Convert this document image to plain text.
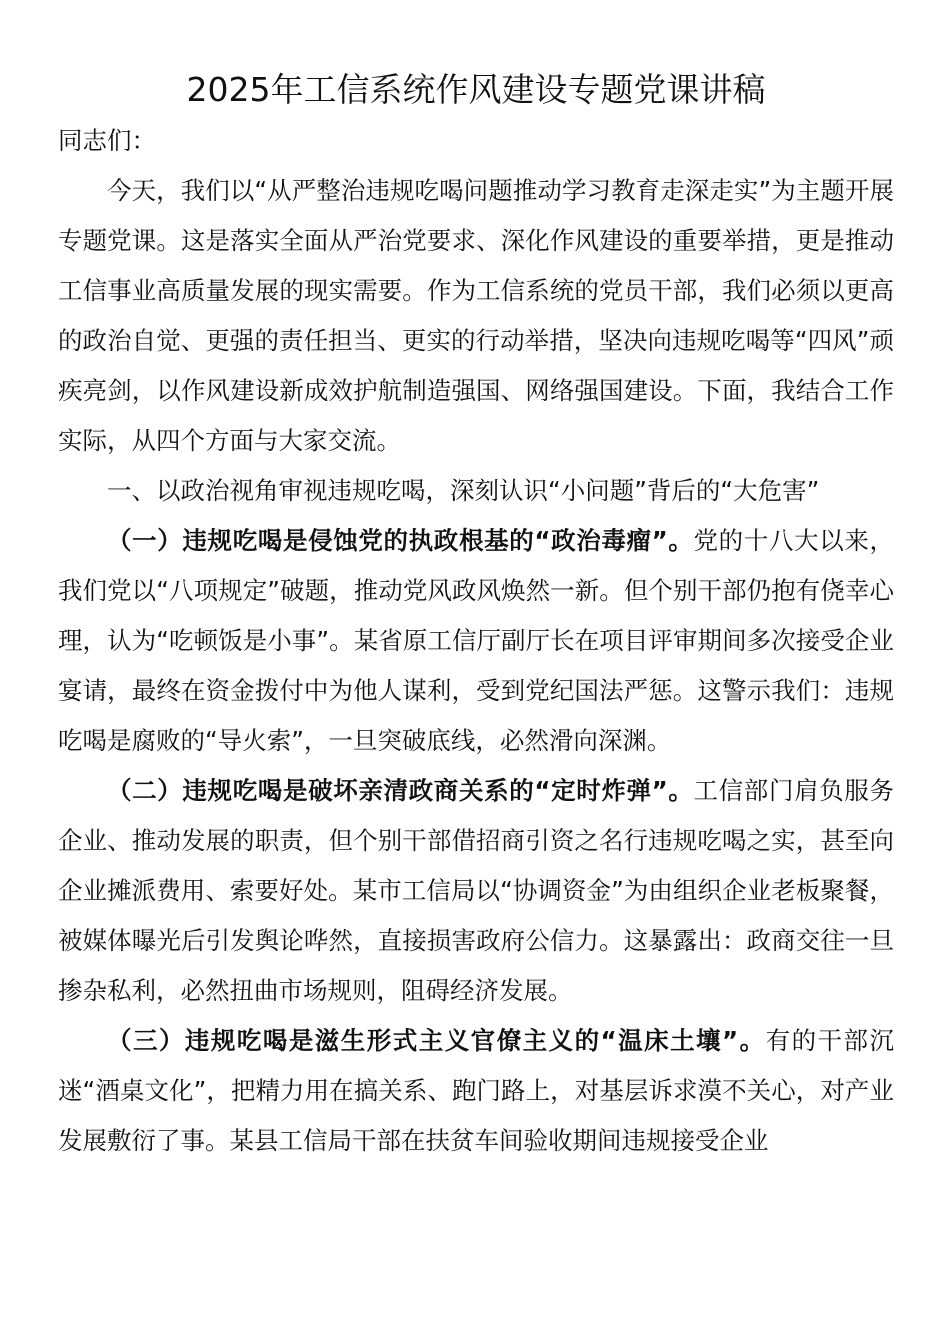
2025年工信系统作风建设专题党课讲稿

同志们：

今天，我们以“从严整治违规吃喝问题推动学习教育走深走实”为主题开展专题党课。这是落实全面从严治党要求、深化作风建设的重要举措，更是推动工信事业高质量发展的现实需要。作为工信系统的党员干部，我们必须以更高的政治自觉、更强的责任担当、更实的行动举措，坚决向违规吃喝等“四风”顽疾亮剑，以作风建设新成效护航制造强国、网络强国建设。下面，我结合工作实际，从四个方面与大家交流。

一、以政治视角审视违规吃喝，深刻认识“小问题”背后的“大危害”

（一）违规吃喝是侵蚀党的执政根基的“政治毒瘤”。党的十八大以来，我们党以“八项规定”破题，推动党风政风焕然一新。但个别干部仍抱有侥幸心理，认为“吃顿饭是小事”。某省原工信厅副厅长在项目评审期间多次接受企业宴请，最终在资金拨付中为他人谋利，受到党纪国法严惩。这警示我们：违规吃喝是腐败的“导火索”，一旦突破底线，必然滑向深渊。

（二）违规吃喝是破坏亲清政商关系的“定时炸弹”。工信部门肩负服务企业、推动发展的职责，但个别干部借招商引资之名行违规吃喝之实，甚至向企业摊派费用、索要好处。某市工信局以“协调资金”为由组织企业老板聚餐，被媒体曝光后引发舆论哗然，直接损害政府公信力。这暴露出：政商交往一旦掺杂私利，必然扭曲市场规则，阻碍经济发展。

（三）违规吃喝是滋生形式主义官僚主义的“温床土壤”。有的干部沉迷“酒桌文化”，把精力用在搞关系、跑门路上，对基层诉求漠不关心，对产业发展敷衍了事。某县工信局干部在扶贫车间验收期间违规接受企业
